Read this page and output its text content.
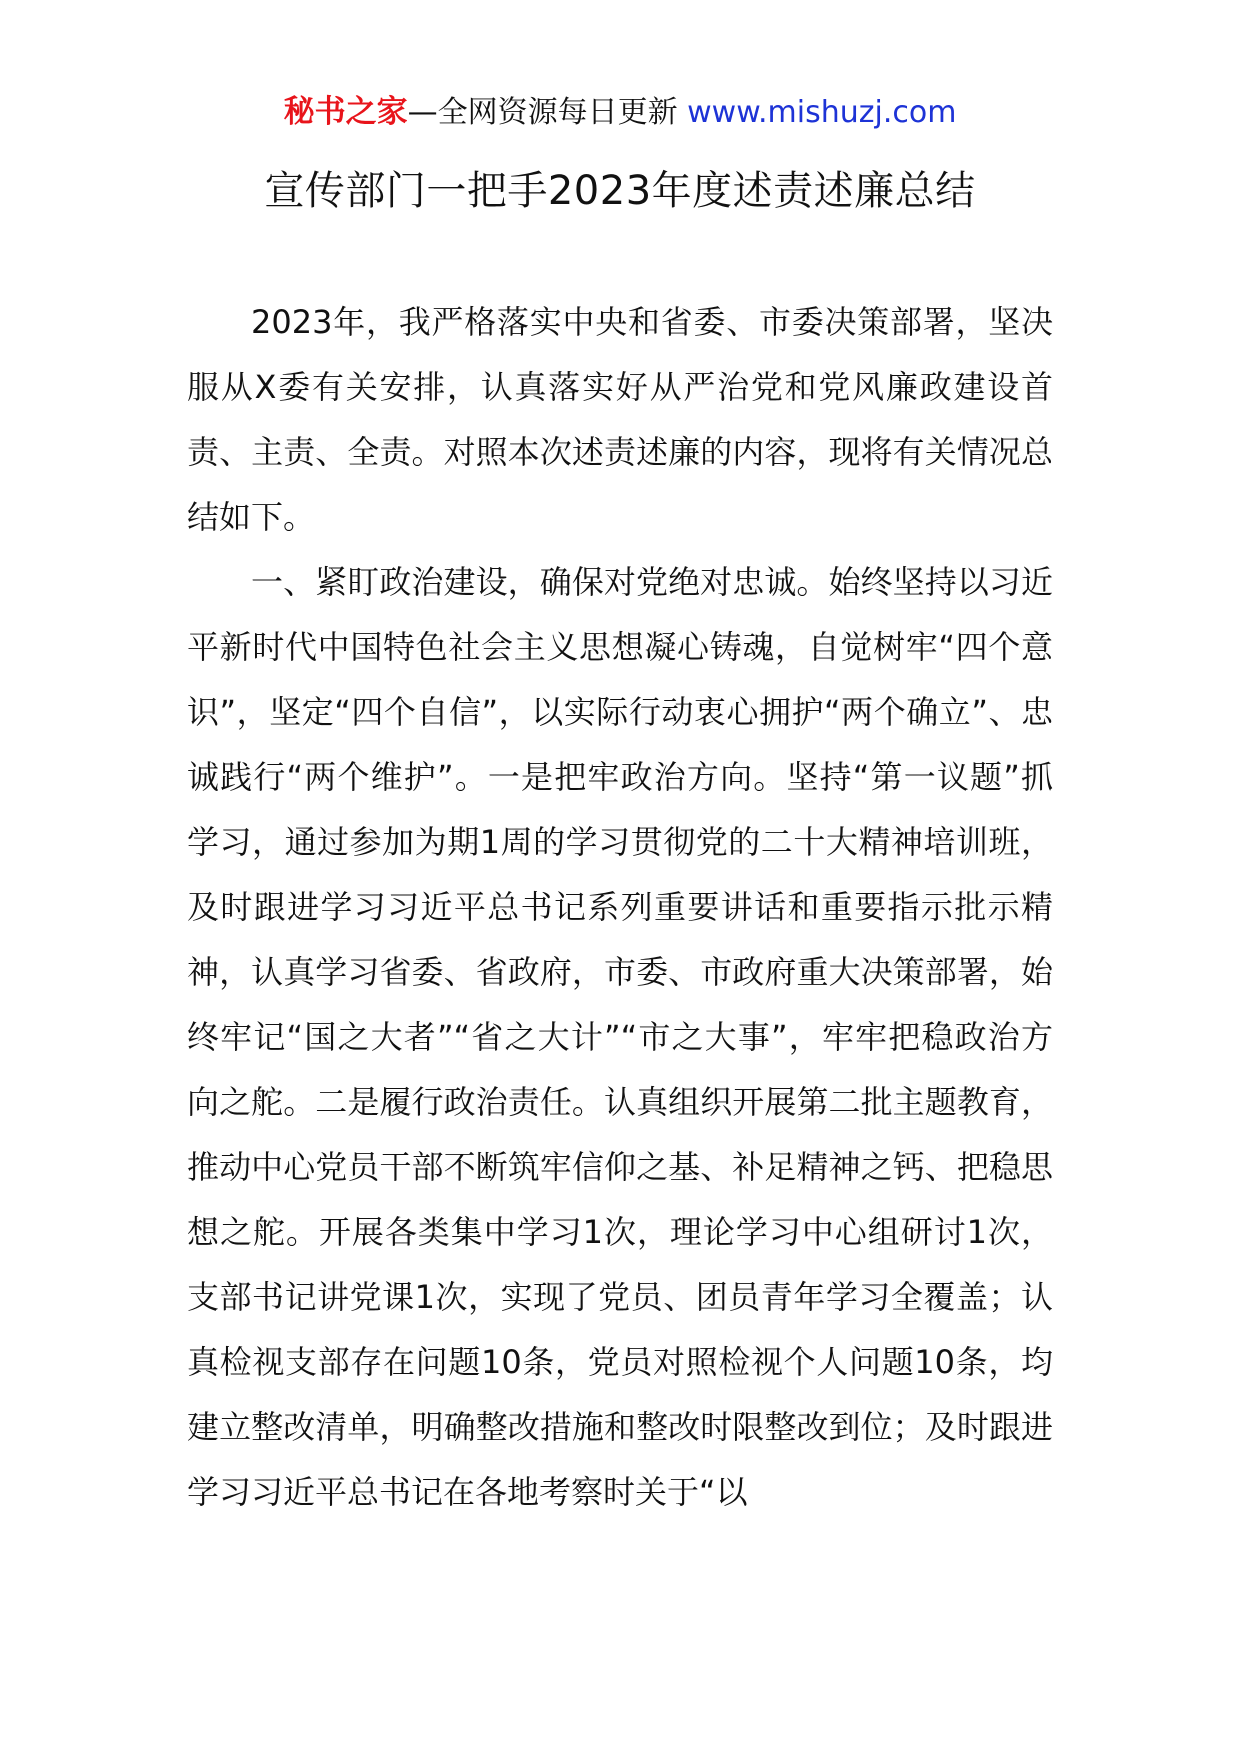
秘书之家—全网资源每日更新 www.mishuzj.com
宣传部门一把手2023年度述责述廉总结

2023年，我严格落实中央和省委、市委决策部署，坚决服从X委有关安排，认真落实好从严治党和党风廉政建设首责、主责、全责。对照本次述责述廉的内容，现将有关情况总结如下。

一、紧盯政治建设，确保对党绝对忠诚。始终坚持以习近平新时代中国特色社会主义思想凝心铸魂，自觉树牢“四个意识”，坚定“四个自信”，以实际行动衷心拥护“两个确立”、忠诚践行“两个维护”。一是把牢政治方向。坚持“第一议题”抓学习，通过参加为期1周的学习贯彻党的二十大精神培训班，及时跟进学习习近平总书记系列重要讲话和重要指示批示精神，认真学习省委、省政府，市委、市政府重大决策部署，始终牢记“国之大者”“省之大计”“市之大事”，牢牢把稳政治方向之舵。二是履行政治责任。认真组织开展第二批主题教育，推动中心党员干部不断筑牢信仰之基、补足精神之钙、把稳思想之舵。开展各类集中学习1次，理论学习中心组研讨1次，支部书记讲党课1次，实现了党员、团员青年学习全覆盖；认真检视支部存在问题10条，党员对照检视个人问题10条，均建立整改清单，明确整改措施和整改时限整改到位；及时跟进学习习近平总书记在各地考察时关于“以
